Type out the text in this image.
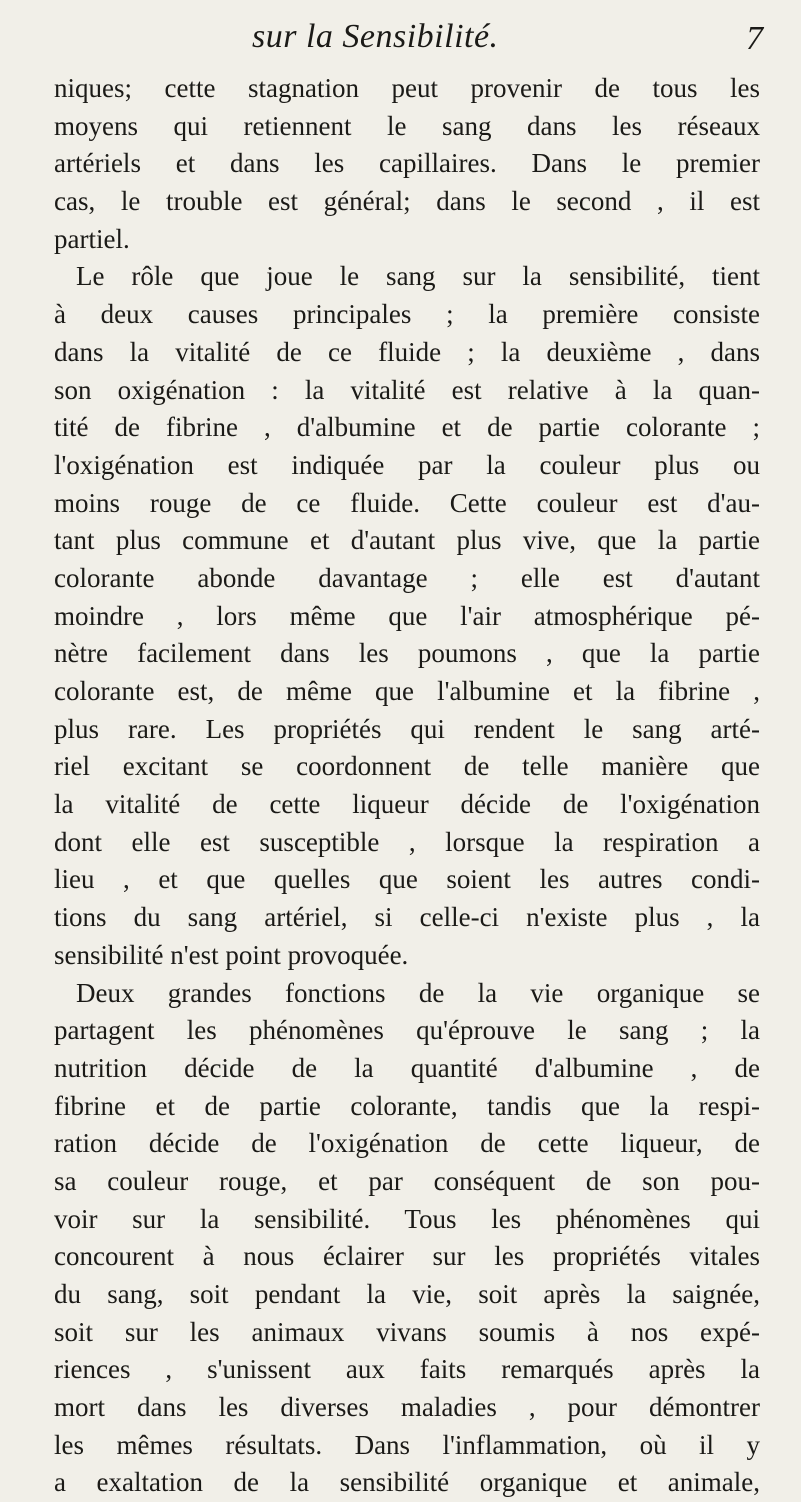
sur la Sensibilité.	7
niques; cette stagnation peut provenir de tous les
moyens qui retiennent le sang dans les réseaux
artériels et dans les capillaires. Dans le premier
cas, le trouble est général; dans le second , il est
partiel.
Le rôle que joue le sang sur la sensibilité, tient
à deux causes principales ; la première consiste
dans la vitalité de ce fluide ; la deuxième , dans
son oxigénation : la vitalité est relative à la quan-
tité de fibrine , d'albumine et de partie colorante ;
l'oxigénation est indiquée par la couleur plus ou
moins rouge de ce fluide. Cette couleur est d'au-
tant plus commune et d'autant plus vive, que la partie
colorante abonde davantage ; elle est d'autant
moindre , lors même que l'air atmosphérique pé-
nètre facilement dans les poumons , que la partie
colorante est, de même que l'albumine et la fibrine ,
plus rare. Les propriétés qui rendent le sang arté-
riel excitant se coordonnent de telle manière que
la vitalité de cette liqueur décide de l'oxigénation
dont elle est susceptible , lorsque la respiration a
lieu , et que quelles que soient les autres condi-
tions du sang artériel, si celle-ci n'existe plus , la
sensibilité n'est point provoquée.
Deux grandes fonctions de la vie organique se
partagent les phénomènes qu'éprouve le sang ; la
nutrition décide de la quantité d'albumine , de
fibrine et de partie colorante, tandis que la respi-
ration décide de l'oxigénation de cette liqueur, de
sa couleur rouge, et par conséquent de son pou-
voir sur la sensibilité. Tous les phénomènes qui
concourent à nous éclairer sur les propriétés vitales
du sang, soit pendant la vie, soit après la saignée,
soit sur les animaux vivans soumis à nos expé-
riences , s'unissent aux faits remarqués après la
mort dans les diverses maladies , pour démontrer
les mêmes résultats. Dans l'inflammation, où il y
a exaltation de la sensibilité organique et animale,
